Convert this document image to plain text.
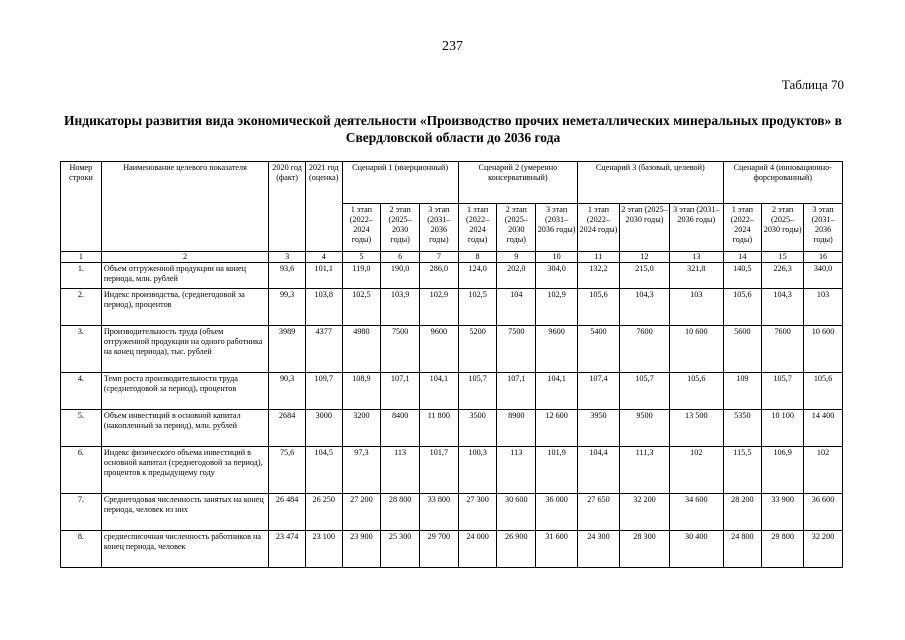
237
Таблица 70
Индикаторы развития вида экономической деятельности «Производство прочих неметаллических минеральных продуктов» в Свердловской области до 2036 года
Номер строки	Наименование целевого показателя	2020 год (факт)	2021 год (оценка)	Сценарий 1 (инерционный)			Сценарий 2 (умеренно консервативный)			Сценарий 3 (базовый, целевой)			Сценарий 4 (инновационно-форсированный)		
				1 этап (2022–2024 годы)	2 этап (2025–2030 годы)	3 этап (2031–2036 годы)	1 этап (2022–2024 годы)	2 этап (2025–2030 годы)	3 этап (2031–2036 годы)	1 этап (2022–2024 годы)	2 этап (2025–2030 годы)	3 этап (2031–2036 годы)	1 этап (2022–2024 годы)	2 этап (2025–2030 годы)	3 этап (2031–2036 годы)
1	2	3	4	5	6	7	8	9	10	11	12	13	14	15	16
1.	Объем отгруженной продукции на конец периода, млн. рублей	93,6	101,1	119,0	190,0	286,0	124,0	202,0	304,0	132,2	215,0	321,8	140,5	226,3	340,0
2.	Индекс производства, (среднегодовой за период), процентов	99,3	103,8	102,5	103,9	102,9	102,5	104	102,9	105,6	104,3	103	105,6	104,3	103
3.	Производительность труда (объем отгруженной продукции на одного работника на конец периода), тыс. рублей	3989	4377	4980	7500	9600	5200	7500	9600	5400	7600	10 600	5600	7600	10 600
4.	Темп роста производительности труда (среднегодовой за период), процентов	90,3	109,7	108,9	107,1	104,1	105,7	107,1	104,1	107,4	105,7	105,6	109	105,7	105,6
5.	Объем инвестиций в основной капитал (накопленный за период), млн. рублей	2684	3000	3200	8400	11 800	3500	8900	12 600	3950	9500	13 500	5350	10 100	14 400
6.	Индекс физического объема инвестиций в основной капитал (среднегодовой за период), процентов к предыдущему году	75,6	104,5	97,3	113	101,7	100,3	113	101,9	104,4	111,3	102	115,5	106,9	102
7.	Среднегодовая численность занятых на конец периода, человек из них	26 484	26 250	27 200	28 800	33 800	27 300	30 600	36 000	27 650	32 200	34 600	28 200	33 900	36 600
8.	среднесписочная численность работников на конец периода, человек	23 474	23 100	23 900	25 300	29 700	24 000	26 900	31 600	24 300	28 300	30 400	24 800	29 800	32 200
